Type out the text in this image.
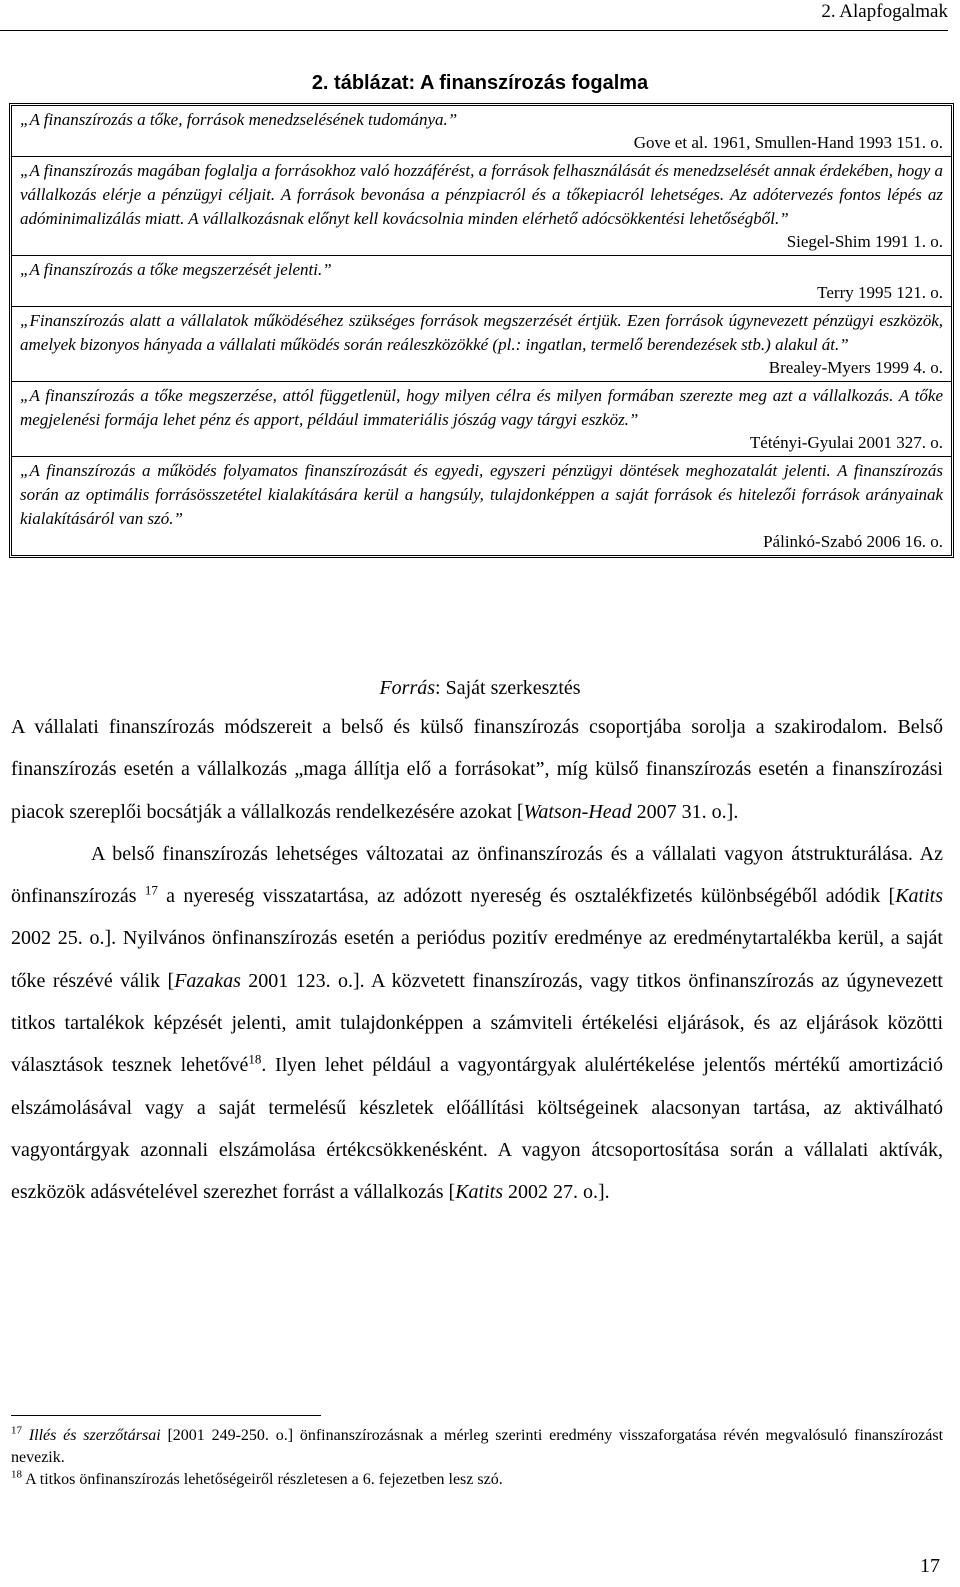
2. Alapfogalmak
2. táblázat: A finanszírozás fogalma

„A finanszírozás a tőke, források menedzselésének tudománya.”

Gove et al. 1961, Smullen-Hand 1993 151. o.

„A finanszírozás magában foglalja a forrásokhoz való hozzáférést, a források felhasználását és menedzselését annak érdekében, hogy a vállalkozás elérje a pénzügyi céljait. A források bevonása a pénzpiacról és a tőkepiacról lehetséges. Az adótervezés fontos lépés az adóminimalizálás miatt. A vállalkozásnak előnyt kell kovácsolnia minden elérhető adócsökkentési lehetőségből.”

Siegel-Shim 1991 1. o.

„A finanszírozás a tőke megszerzését jelenti.”

Terry 1995 121. o.

„Finanszírozás alatt a vállalatok működéséhez szükséges források megszerzését értjük. Ezen források úgynevezett pénzügyi eszközök, amelyek bizonyos hányada a vállalati működés során reáleszközökké (pl.: ingatlan, termelő berendezések stb.) alakul át.”

Brealey-Myers 1999 4. o.

„A finanszírozás a tőke megszerzése, attól függetlenül, hogy milyen célra és milyen formában szerezte meg azt a vállalkozás. A tőke megjelenési formája lehet pénz és apport, például immateriális jószág vagy tárgyi eszköz.”

Tétényi-Gyulai 2001 327. o.

„A finanszírozás a működés folyamatos finanszírozását és egyedi, egyszeri pénzügyi döntések meghozatalát jelenti. A finanszírozás során az optimális forrásösszetétel kialakítására kerül a hangsúly, tulajdonképpen a saját források és hitelezői források arányainak kialakításáról van szó.”

Pálinkó-Szabó 2006 16. o.

Forrás: Saját szerkesztés

A vállalati finanszírozás módszereit a belső és külső finanszírozás csoportjába sorolja a szakirodalom. Belső finanszírozás esetén a vállalkozás „maga állítja elő a forrásokat”, míg külső finanszírozás esetén a finanszírozási piacok szereplői bocsátják a vállalkozás rendelkezésére azokat [Watson-Head 2007 31. o.].

A belső finanszírozás lehetséges változatai az önfinanszírozás és a vállalati vagyon átstrukturálása. Az önfinanszírozás $^{17}$ a nyereség visszatartása, az adózott nyereség és osztalékfizetés különbségéből adódik [Katits 2002 25. o.]. Nyilvános önfinanszírozás esetén a periódus pozitív eredménye az eredménytartalékba kerül, a saját tőke részévé válik [Fazakas 2001 123. o.]. A közvetett finanszírozás, vagy titkos önfinanszírozás az úgynevezett titkos tartalékok képzését jelenti, amit tulajdonképpen a számviteli értékelési eljárások, és az eljárások közötti választások tesznek lehetővé$^{18}$. Ilyen lehet például a vagyontárgyak alulértékelése jelentős mértékű amortizáció elszámolásával vagy a saját termelésű készletek előállítási költségeinek alacsonyan tartása, az aktiválható vagyontárgyak azonnali elszámolása értékcsökkenésként. A vagyon átcsoportosítása során a vállalati aktívák, eszközök adásvételével szerezhet forrást a vállalkozás [Katits 2002 27. o.].

$^{17}$ Illés és szerzőtársai [2001 249-250. o.] önfinanszírozásnak a mérleg szerinti eredmény visszaforgatása révén megvalósuló finanszírozást nevezik.

$^{18}$ A titkos önfinanszírozás lehetőségeiről részletesen a 6. fejezetben lesz szó.

17
